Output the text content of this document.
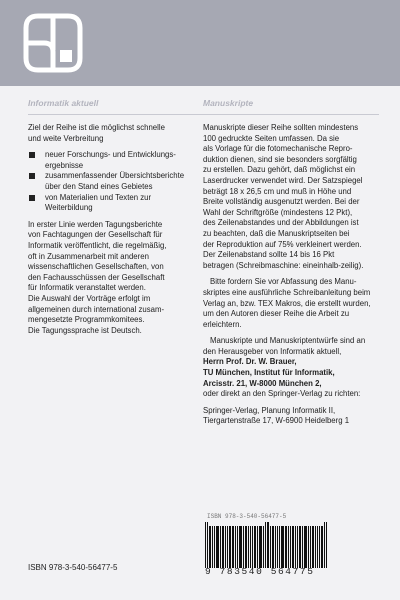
Informatik aktuell

Ziel der Reihe ist die möglichst schnelle
und weite Verbreitung

neuer Forschungs- und Entwicklungs-
ergebnisse
zusammenfassender Übersichtsberichte
über den Stand eines Gebietes
von Materialien und Texten zur
Weiterbildung

In erster Linie werden Tagungsberichte
von Fachtagungen der Gesellschaft für
Informatik veröffentlicht, die regelmäßig,
oft in Zusammenarbeit mit anderen
wissenschaftlichen Gesellschaften, von
den Fachausschüssen der Gesellschaft
für Informatik veranstaltet werden.
Die Auswahl der Vorträge erfolgt im
allgemeinen durch international zusam-
mengesetzte Programmkomitees.
Die Tagungssprache ist Deutsch.

Manuskripte

Manuskripte dieser Reihe sollten mindestens
100 gedruckte Seiten umfassen. Da sie
als Vorlage für die fotomechanische Repro-
duktion dienen, sind sie besonders sorgfältig
zu erstellen. Dazu gehört, daß möglichst ein
Laserdrucker verwendet wird. Der Satzspiegel
beträgt 18 x 26,5 cm und muß in Höhe und
Breite vollständig ausgenutzt werden. Bei der
Wahl der Schriftgröße (mindestens 12 Pkt),
des Zeilenabstandes und der Abbildungen ist
zu beachten, daß die Manuskriptseiten bei
der Reproduktion auf 75% verkleinert werden.
Der Zeilenabstand sollte 14 bis 16 Pkt
betragen (Schreibmaschine: eineinhalb-zeilig).

Bitte fordern Sie vor Abfassung des Manu-
skriptes eine ausführliche Schreibanleitung beim
Verlag an, bzw. TEX Makros, die erstellt wurden,
um den Autoren dieser Reihe die Arbeit zu
erleichtern.

Manuskripte und Manuskriptentwürfe sind an
den Herausgeber von Informatik aktuell,

Herrn Prof. Dr. W. Brauer,
TU München, Institut für Informatik,
Arcisstr. 21, W-8000 München 2,

oder direkt an den Springer-Verlag zu richten:

Springer-Verlag, Planung Informatik II,
Tiergartenstraße 17, W-6900 Heidelberg 1

ISBN 978-3-540-56477-5
ISBN 978-3-540-56477-5
9 783540 564775
